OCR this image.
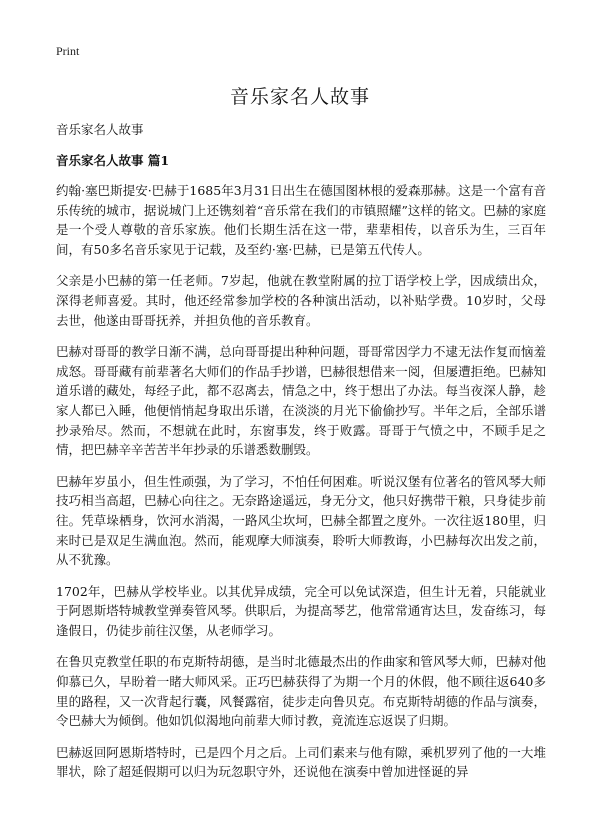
Print
音乐家名人故事
音乐家名人故事
音乐家名人故事 篇1

约翰·塞巴斯提安·巴赫于1685年3月31日出生在德国图林根的爱森那赫。这是一个富有音乐传统的城市，据说城门上还镌刻着“音乐常在我们的市镇照耀”这样的铭文。巴赫的家庭是一个受人尊敬的音乐家族。他们长期生活在这一带，辈辈相传，以音乐为生，三百年间，有50多名音乐家见于记载，及至约·塞·巴赫，已是第五代传人。

父亲是小巴赫的第一任老师。7岁起，他就在教堂附属的拉丁语学校上学，因成绩出众，深得老师喜爱。其时，他还经常参加学校的各种演出活动，以补贴学费。10岁时，父母去世，他遂由哥哥抚养，并担负他的音乐教育。

巴赫对哥哥的教学日渐不满，总向哥哥提出种种问题，哥哥常因学力不逮无法作复而恼羞成怒。哥哥藏有前辈著名大师们的作品手抄谱，巴赫很想借来一阅，但屡遭拒绝。巴赫知道乐谱的藏处，每经子此，都不忍离去，情急之中，终于想出了办法。每当夜深人静，趁家人都已入睡，他便悄悄起身取出乐谱，在淡淡的月光下偷偷抄写。半年之后，全部乐谱抄录殆尽。然而，不想就在此时，东窗事发，终于败露。哥哥于气愤之中，不顾手足之情，把巴赫辛辛苦苦半年抄录的乐谱悉数删毁。

巴赫年岁虽小，但生性顽强，为了学习，不怕任何困难。听说汉堡有位著名的管风琴大师技巧相当高超，巴赫心向往之。无奈路途遥远，身无分文，他只好携带干粮，只身徒步前往。凭草垛栖身，饮河水消渴，一路风尘坎坷，巴赫全都置之度外。一次往返180里，归来时已是双足生满血泡。然而，能观摩大师演奏，聆听大师教诲，小巴赫每次出发之前，从不犹豫。

1702年，巴赫从学校毕业。以其优异成绩，完全可以免试深造，但生计无着，只能就业于阿恩斯塔特城教堂弹奏管风琴。供职后，为提高琴艺，他常常通宵达旦，发奋练习，每逢假日，仍徒步前往汉堡，从老师学习。

在鲁贝克教堂任职的布克斯特胡德，是当时北德最杰出的作曲家和管风琴大师，巴赫对他仰慕已久，早盼着一睹大师风采。正巧巴赫获得了为期一个月的休假，他不顾往返640多里的路程，又一次背起行囊，风餐露宿，徒步走向鲁贝克。布克斯特胡德的作品与演奏，令巴赫大为倾倒。他如饥似渴地向前辈大师讨教，竟流连忘返误了归期。

巴赫返回阿恩斯塔特时，已是四个月之后。上司们素来与他有隙，乘机罗列了他的一大堆罪状，除了超延假期可以归为玩忽职守外，还说他在演奏中曾加进怪诞的异
